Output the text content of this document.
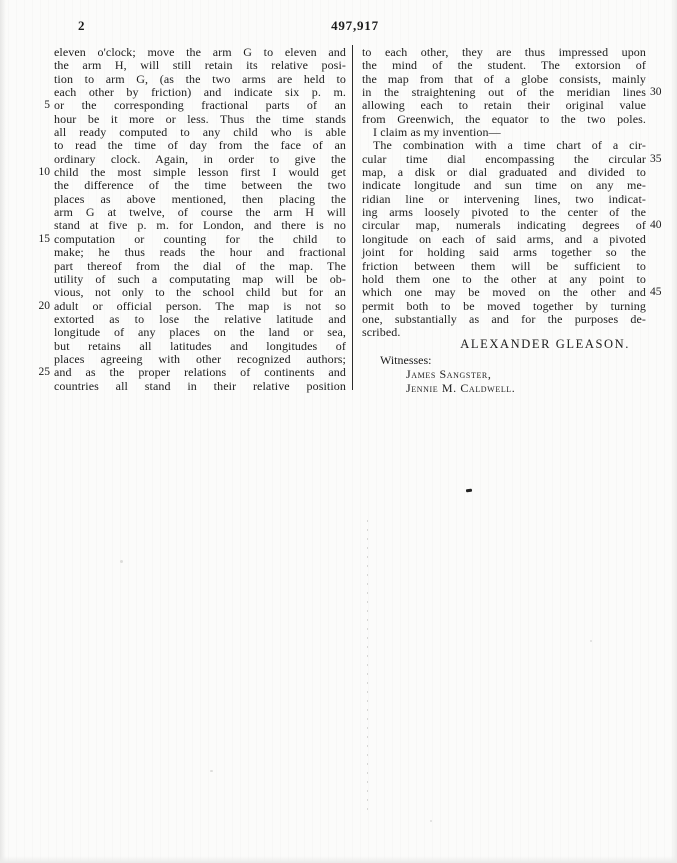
2	497,917
eleven o'clock; move the arm G to eleven and
the arm H, will still retain its relative posi-
tion to arm G, (as the two arms are held to
each other by friction) and indicate six p. m.
or the corresponding fractional parts of an
5
hour be it more or less. Thus the time stands
all ready computed to any child who is able
to read the time of day from the face of an
ordinary clock. Again, in order to give the
child the most simple lesson first I would get
10
the difference of the time between the two
places as above mentioned, then placing the
arm G at twelve, of course the arm H will
stand at five p. m. for London, and there is no
computation or counting for the child to
15
make; he thus reads the hour and fractional
part thereof from the dial of the map. The
utility of such a computating map will be ob-
vious, not only to the school child but for an
adult or official person. The map is not so
20
extorted as to lose the relative latitude and
longitude of any places on the land or sea,
but retains all latitudes and longitudes of
places agreeing with other recognized authors;
and as the proper relations of continents and
25
countries all stand in their relative position
to each other, they are thus impressed upon
the mind of the student. The extorsion of
the map from that of a globe consists, mainly
in the straightening out of the meridian lines 30
allowing each to retain their original value
from Greenwich, the equator to the two poles.
I claim as my invention—
The combination with a time chart of a cir-
cular time dial encompassing the circular 35
map, a disk or dial graduated and divided to
indicate longitude and sun time on any me-
ridian line or intervening lines, two indicat-
ing arms loosely pivoted to the center of the
circular map, numerals indicating degrees of 40
longitude on each of said arms, and a pivoted
joint for holding said arms together so the
friction between them will be sufficient to
hold them one to the other at any point to
which one may be moved on the other and 45
permit both to be moved together by turning
one, substantially as and for the purposes de-
scribed.
ALEXANDER GLEASON.
Witnesses:
James Sangster,
Jennie M. Caldwell.
